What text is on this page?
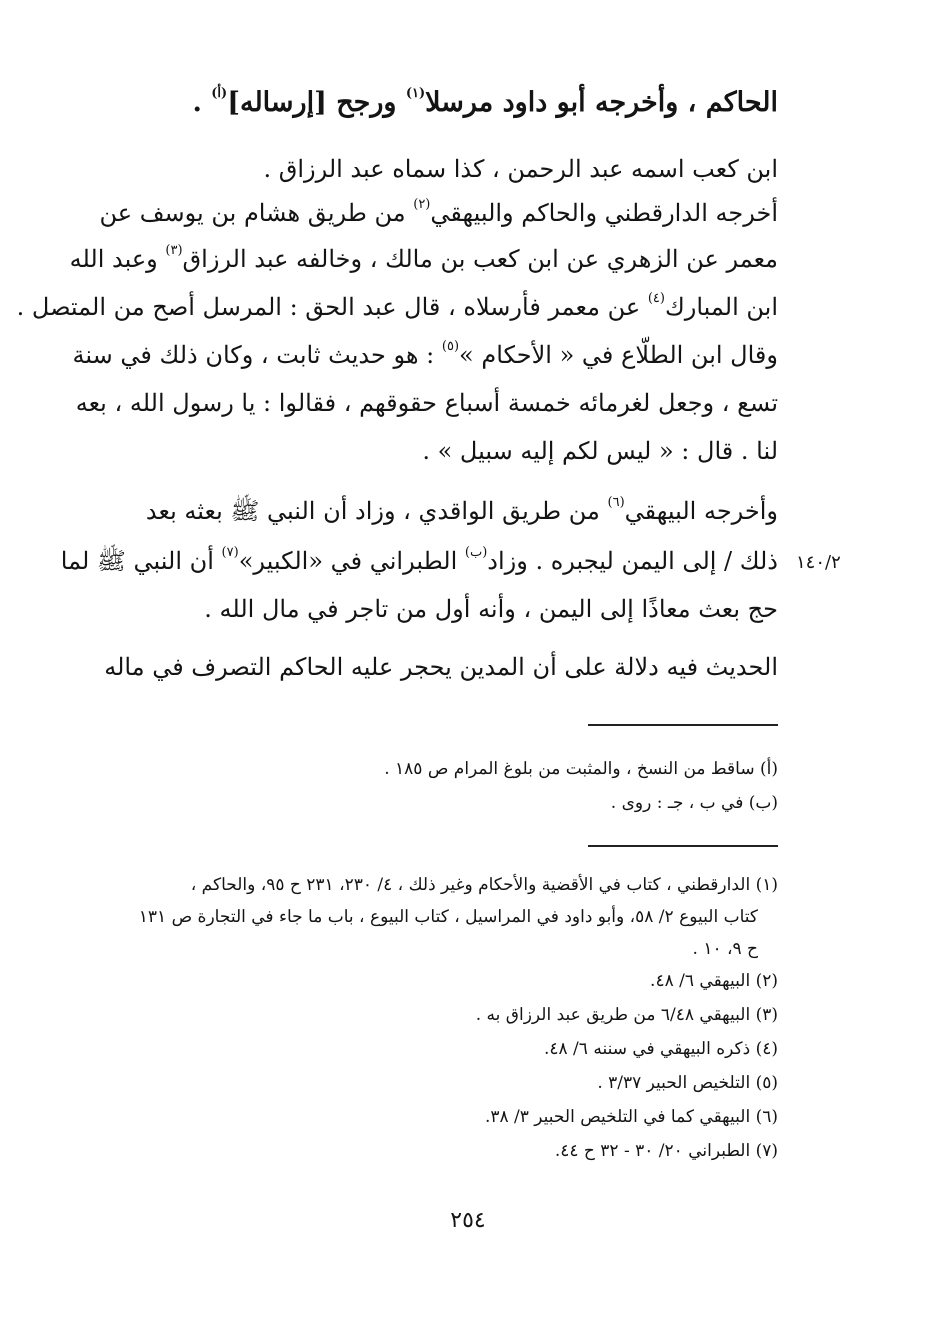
الحاكم ، وأخرجه أبو داود مرسلا$^{(١)}$ ورجح [إرساله]$^{(أ)}$ .
ابن كعب اسمه عبد الرحمن ، كذا سماه عبد الرزاق .
أخرجه الدارقطني والحاكم والبيهقي$^{(٢)}$ من طريق هشام بن يوسف عن
معمر عن الزهري عن ابن كعب بن مالك ، وخالفه عبد الرزاق$^{(٣)}$ وعبد الله
ابن المبارك$^{(٤)}$ عن معمر فأرسلاه ، قال عبد الحق : المرسل أصح من المتصل .
وقال ابن الطلّاع في « الأحكام »$^{(٥)}$ : هو حديث ثابت ، وكان ذلك في سنة
تسع ، وجعل لغرمائه خمسة أسباع حقوقهم ، فقالوا : يا رسول الله ، بعه
لنا . قال : « ليس لكم إليه سبيل » .
وأخرجه البيهقي$^{(٦)}$ من طريق الواقدي ، وزاد أن النبي ﷺ بعثه بعد
ذلك / إلى اليمن ليجبره . وزاد$^{(ب)}$ الطبراني في «الكبير»$^{(٧)}$ أن النبي ﷺ لما	١٤٠/٢
حج بعث معاذًا إلى اليمن ، وأنه أول من تاجر في مال الله .
الحديث فيه دلالة على أن المدين يحجر عليه الحاكم التصرف في ماله
(أ) ساقط من النسخ ، والمثبت من بلوغ المرام ص ١٨٥ .
(ب) في ب ، جـ : روى .
(١) الدارقطني ، كتاب في الأقضية والأحكام وغير ذلك ، ٤/ ٢٣٠، ٢٣١ ح ٩٥، والحاكم ،
كتاب البيوع ٢/ ٥٨، وأبو داود في المراسيل ، كتاب البيوع ، باب ما جاء في التجارة ص ١٣١
ح ٩، ١٠ .
(٢) البيهقي ٦/ ٤٨.
(٣) البيهقي ٦/٤٨ من طريق عبد الرزاق به .
(٤) ذكره البيهقي في سننه ٦/ ٤٨.
(٥) التلخيص الحبير ٣/٣٧ .
(٦) البيهقي كما في التلخيص الحبير ٣/ ٣٨.
(٧) الطبراني ٢٠/ ٣٠ - ٣٢ ح ٤٤.
٢٥٤
